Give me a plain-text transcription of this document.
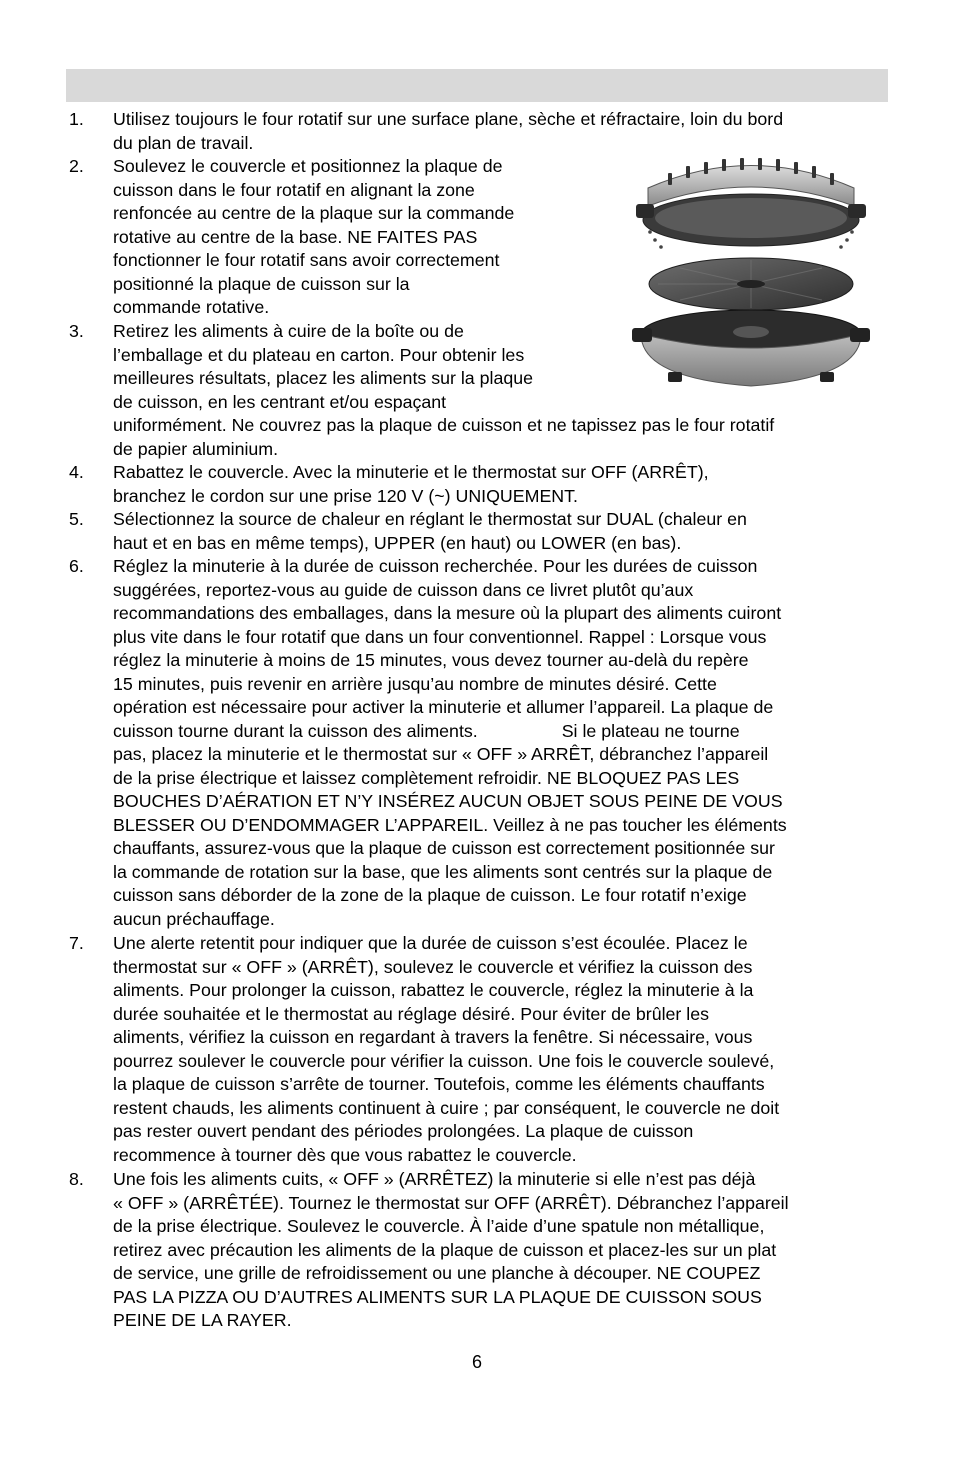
1. Utilisez toujours le four rotatif sur une surface plane, sèche et réfractaire, loin du bord
du plan de travail.
2. Soulevez le couvercle et positionnez la plaque de
cuisson dans le four rotatif en alignant la zone
renfoncée au centre de la plaque sur la commande
rotative au centre de la base. NE FAITES PAS
fonctionner le four rotatif sans avoir correctement
positionné la plaque de cuisson sur la
commande rotative.
3. Retirez les aliments à cuire de la boîte ou de
l’emballage et du plateau en carton. Pour obtenir les
meilleures résultats, placez les aliments sur la plaque
de cuisson, en les centrant et/ou espaçant
uniformément. Ne couvrez pas la plaque de cuisson et ne tapissez pas le four rotatif
de papier aluminium.
4. Rabattez le couvercle. Avec la minuterie et le thermostat sur OFF (ARRÊT),
branchez le cordon sur une prise 120 V (~) UNIQUEMENT.
5. Sélectionnez la source de chaleur en réglant le thermostat sur DUAL (chaleur en
haut et en bas en même temps), UPPER (en haut) ou LOWER (en bas).
6. Réglez la minuterie à la durée de cuisson recherchée. Pour les durées de cuisson
suggérées, reportez-vous au guide de cuisson dans ce livret plutôt qu’aux
recommandations des emballages, dans la mesure où la plupart des aliments cuiront
plus vite dans le four rotatif que dans un four conventionnel. Rappel : Lorsque vous
réglez la minuterie à moins de 15 minutes, vous devez tourner au-delà du repère
15 minutes, puis revenir en arrière jusqu’au nombre de minutes désiré. Cette
opération est nécessaire pour activer la minuterie et allumer l’appareil. La plaque de
cuisson tourne durant la cuisson des aliments.                 Si le plateau ne tourne
pas, placez la minuterie et le thermostat sur « OFF » ARRÊT, débranchez l’appareil
de la prise électrique et laissez complètement refroidir. NE BLOQUEZ PAS LES
BOUCHES D’AÉRATION ET N’Y INSÉREZ AUCUN OBJET SOUS PEINE DE VOUS
BLESSER OU D’ENDOMMAGER L’APPAREIL. Veillez à ne pas toucher les éléments
chauffants, assurez-vous que la plaque de cuisson est correctement positionnée sur
la commande de rotation sur la base, que les aliments sont centrés sur la plaque de
cuisson sans déborder de la zone de la plaque de cuisson. Le four rotatif n’exige
aucun préchauffage.
7. Une alerte retentit pour indiquer que la durée de cuisson s’est écoulée. Placez le
thermostat sur « OFF » (ARRÊT), soulevez le couvercle et vérifiez la cuisson des
aliments. Pour prolonger la cuisson, rabattez le couvercle, réglez la minuterie à la
durée souhaitée et le thermostat au réglage désiré. Pour éviter de brûler les
aliments, vérifiez la cuisson en regardant à travers la fenêtre. Si nécessaire, vous
pourrez soulever le couvercle pour vérifier la cuisson. Une fois le couvercle soulevé,
la plaque de cuisson s’arrête de tourner. Toutefois, comme les éléments chauffants
restent chauds, les aliments continuent à cuire ; par conséquent, le couvercle ne doit
pas rester ouvert pendant des périodes prolongées. La plaque de cuisson
recommence à tourner dès que vous rabattez le couvercle.
8. Une fois les aliments cuits, « OFF » (ARRÊTEZ) la minuterie si elle n’est pas déjà
« OFF » (ARRÊTÉE). Tournez le thermostat sur OFF (ARRÊT). Débranchez l’appareil
de la prise électrique. Soulevez le couvercle. À l’aide d’une spatule non métallique,
retirez avec précaution les aliments de la plaque de cuisson et placez-les sur un plat
de service, une grille de refroidissement ou une planche à découper. NE COUPEZ
PAS LA PIZZA OU D’AUTRES ALIMENTS SUR LA PLAQUE DE CUISSON SOUS
PEINE DE LA RAYER.
6
